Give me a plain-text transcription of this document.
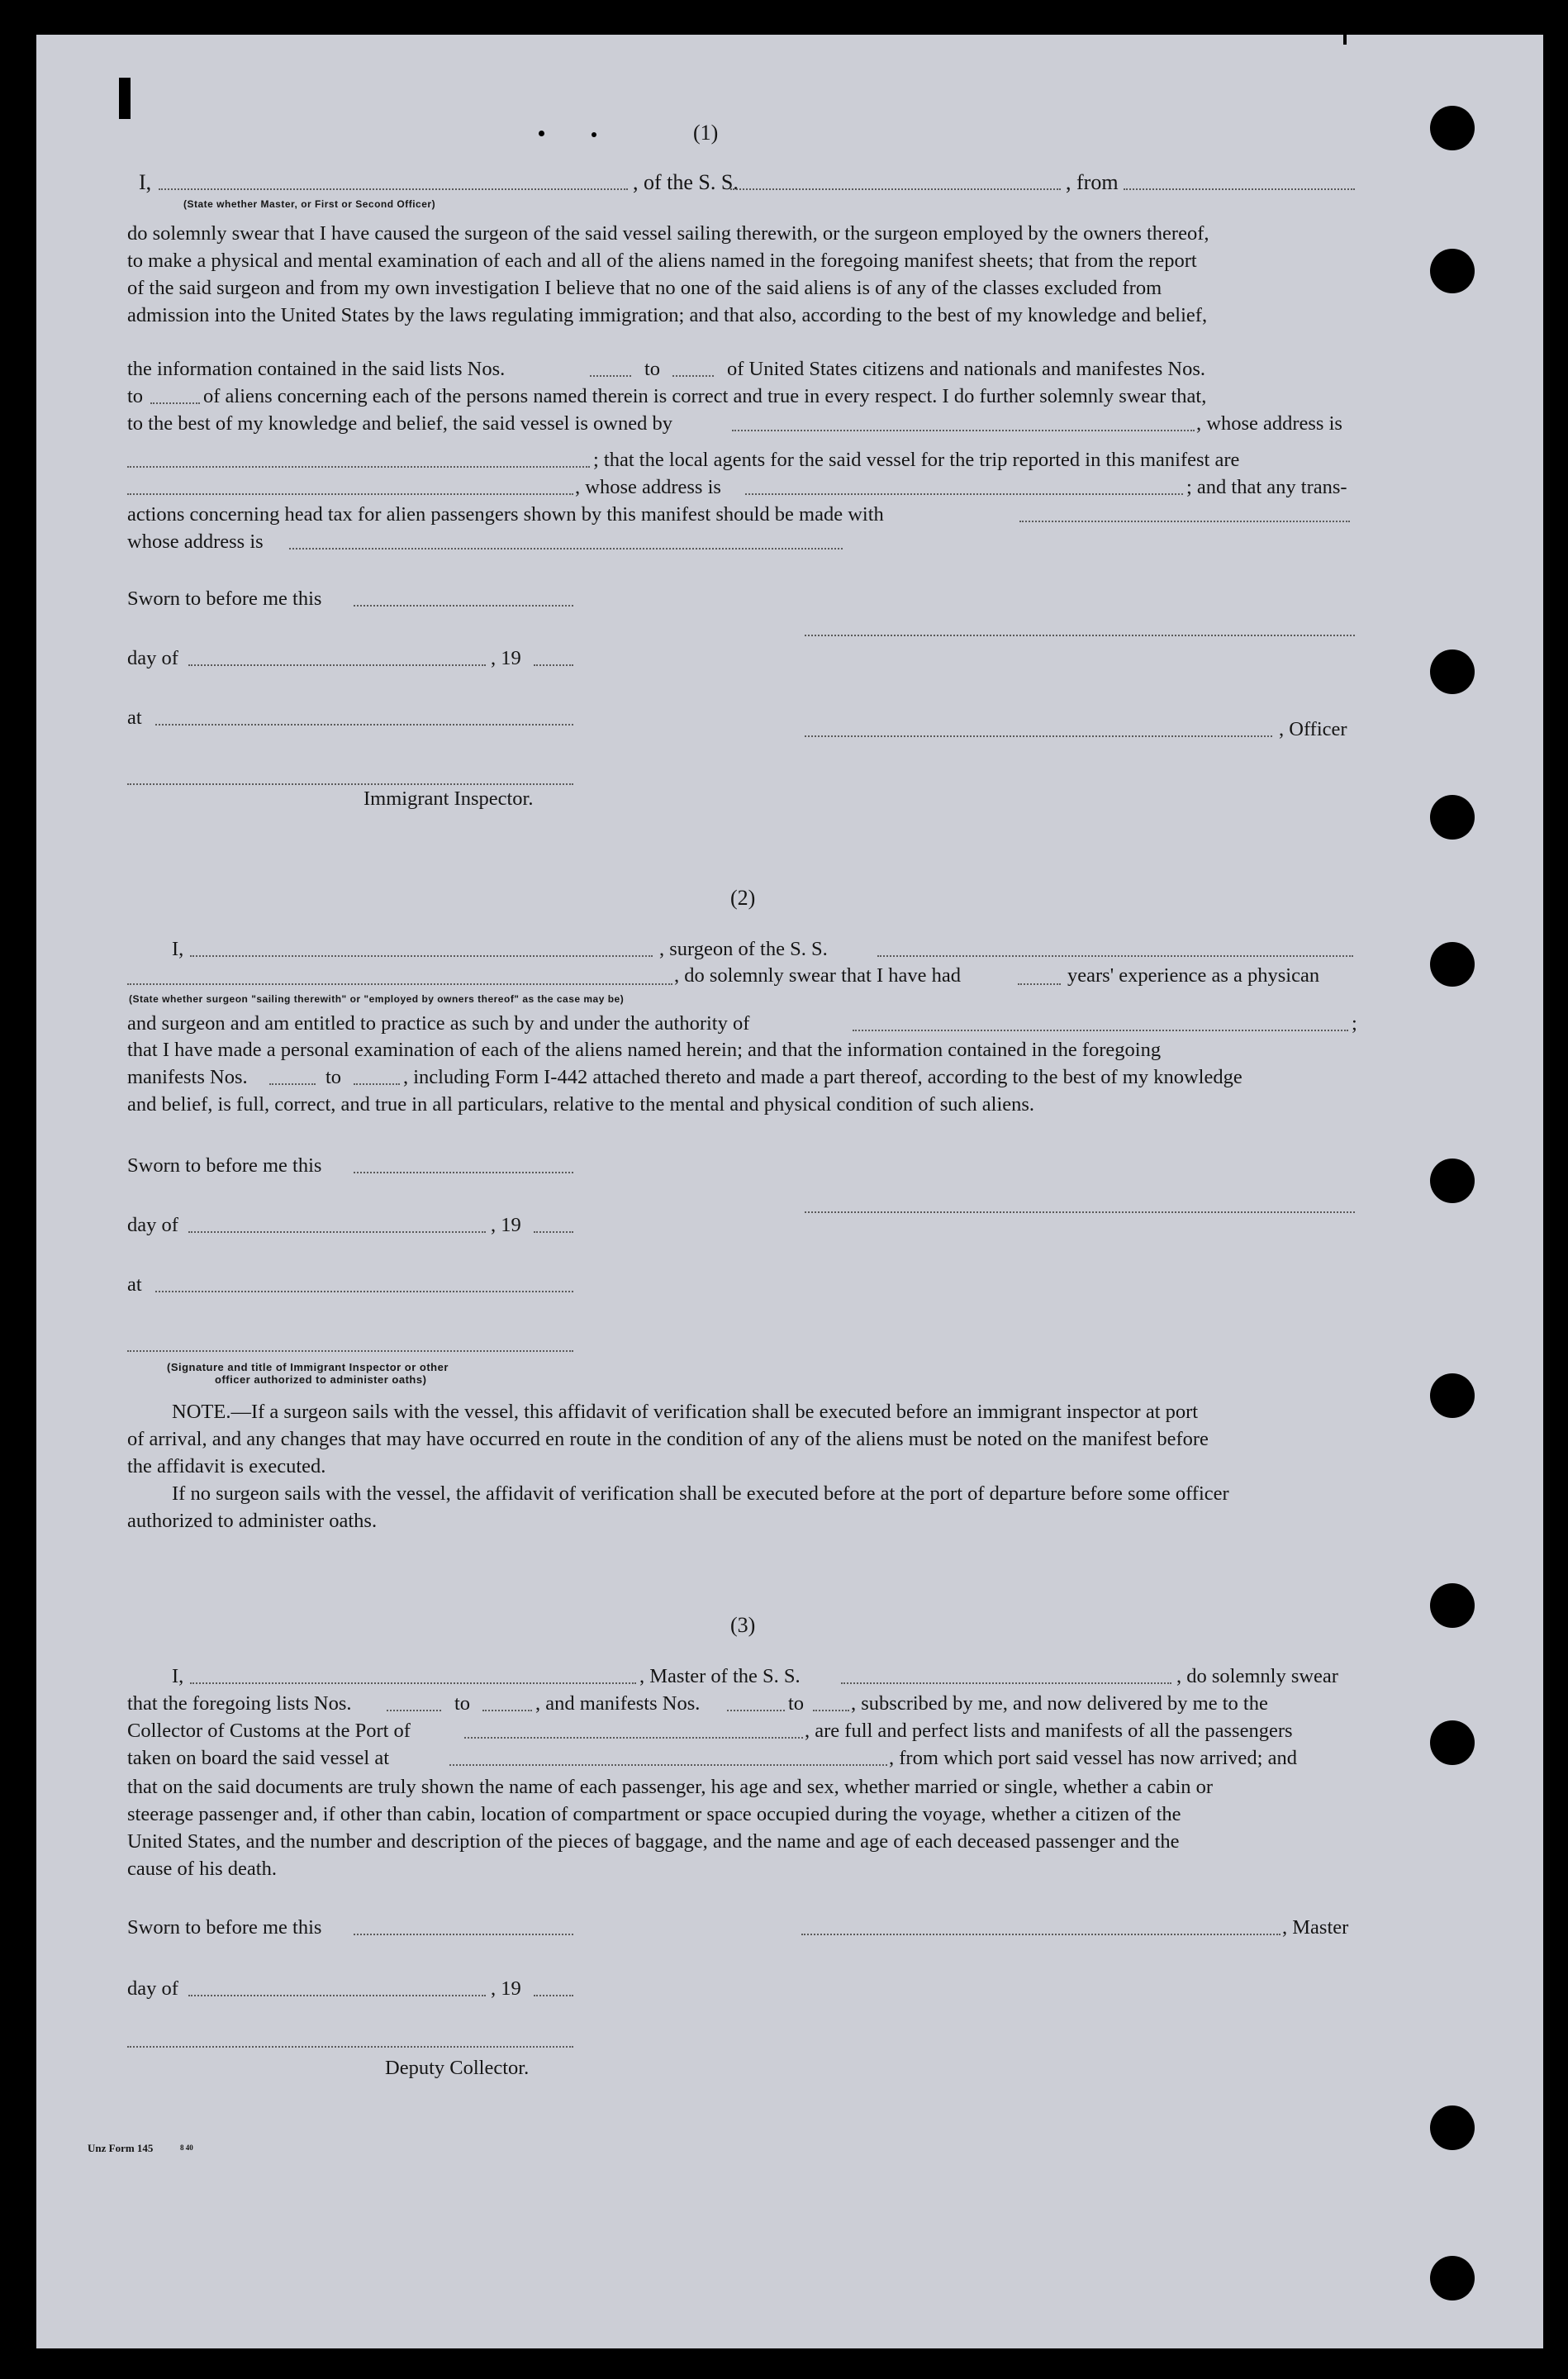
(1)
I,	, of the S. S.	, from
(State whether Master, or First or Second Officer)
do solemnly swear that I have caused the surgeon of the said vessel sailing therewith, or the surgeon employed by the owners thereof,
to make a physical and mental examination of each and all of the aliens named in the foregoing manifest sheets; that from the report
of the said surgeon and from my own investigation I believe that no one of the said aliens is of any of the classes excluded from
admission into the United States by the laws regulating immigration; and that also, according to the best of my knowledge and belief,
the information contained in the said lists Nos.	to	of United States citizens and nationals and manifestes Nos.
to	of aliens concerning each of the persons named therein is correct and true in every respect. I do further solemnly swear that,
to the best of my knowledge and belief, the said vessel is owned by	, whose address is
; that the local agents for the said vessel for the trip reported in this manifest are
, whose address is	; and that any trans-
actions concerning head tax for alien passengers shown by this manifest should be made with
whose address is
Sworn to before me this
day of	, 19
at
, Officer
Immigrant Inspector.
(2)
I,	, surgeon of the S. S.
, do solemnly swear that I have had	years' experience as a physican
(State whether surgeon "sailing therewith" or "employed by owners thereof" as the case may be)
and surgeon and am entitled to practice as such by and under the authority of	;
that I have made a personal examination of each of the aliens named herein; and that the information contained in the foregoing
manifests Nos.	to	, including Form I-442 attached thereto and made a part thereof, according to the best of my knowledge
and belief, is full, correct, and true in all particulars, relative to the mental and physical condition of such aliens.
Sworn to before me this
day of	, 19
at
(Signature and title of Immigrant Inspector or other
officer authorized to administer oaths)
NOTE.—If a surgeon sails with the vessel, this affidavit of verification shall be executed before an immigrant inspector at port
of arrival, and any changes that may have occurred en route in the condition of any of the aliens must be noted on the manifest before
the affidavit is executed.
If no surgeon sails with the vessel, the affidavit of verification shall be executed before at the port of departure before some officer
authorized to administer oaths.
(3)
I,	, Master of the S. S.	, do solemnly swear
that the foregoing lists Nos.	to	, and manifests Nos.	to , subscribed by me, and now delivered by me to the
Collector of Customs at the Port of	, are full and perfect lists and manifests of all the passengers
taken on board the said vessel at	, from which port said vessel has now arrived; and
that on the said documents are truly shown the name of each passenger, his age and sex, whether married or single, whether a cabin or
steerage passenger and, if other than cabin, location of compartment or space occupied during the voyage, whether a citizen of the
United States, and the number and description of the pieces of baggage, and the name and age of each deceased passenger and the
cause of his death.
Sworn to before me this	, Master
day of	, 19
Deputy Collector.
Unz Form 145	8 40
